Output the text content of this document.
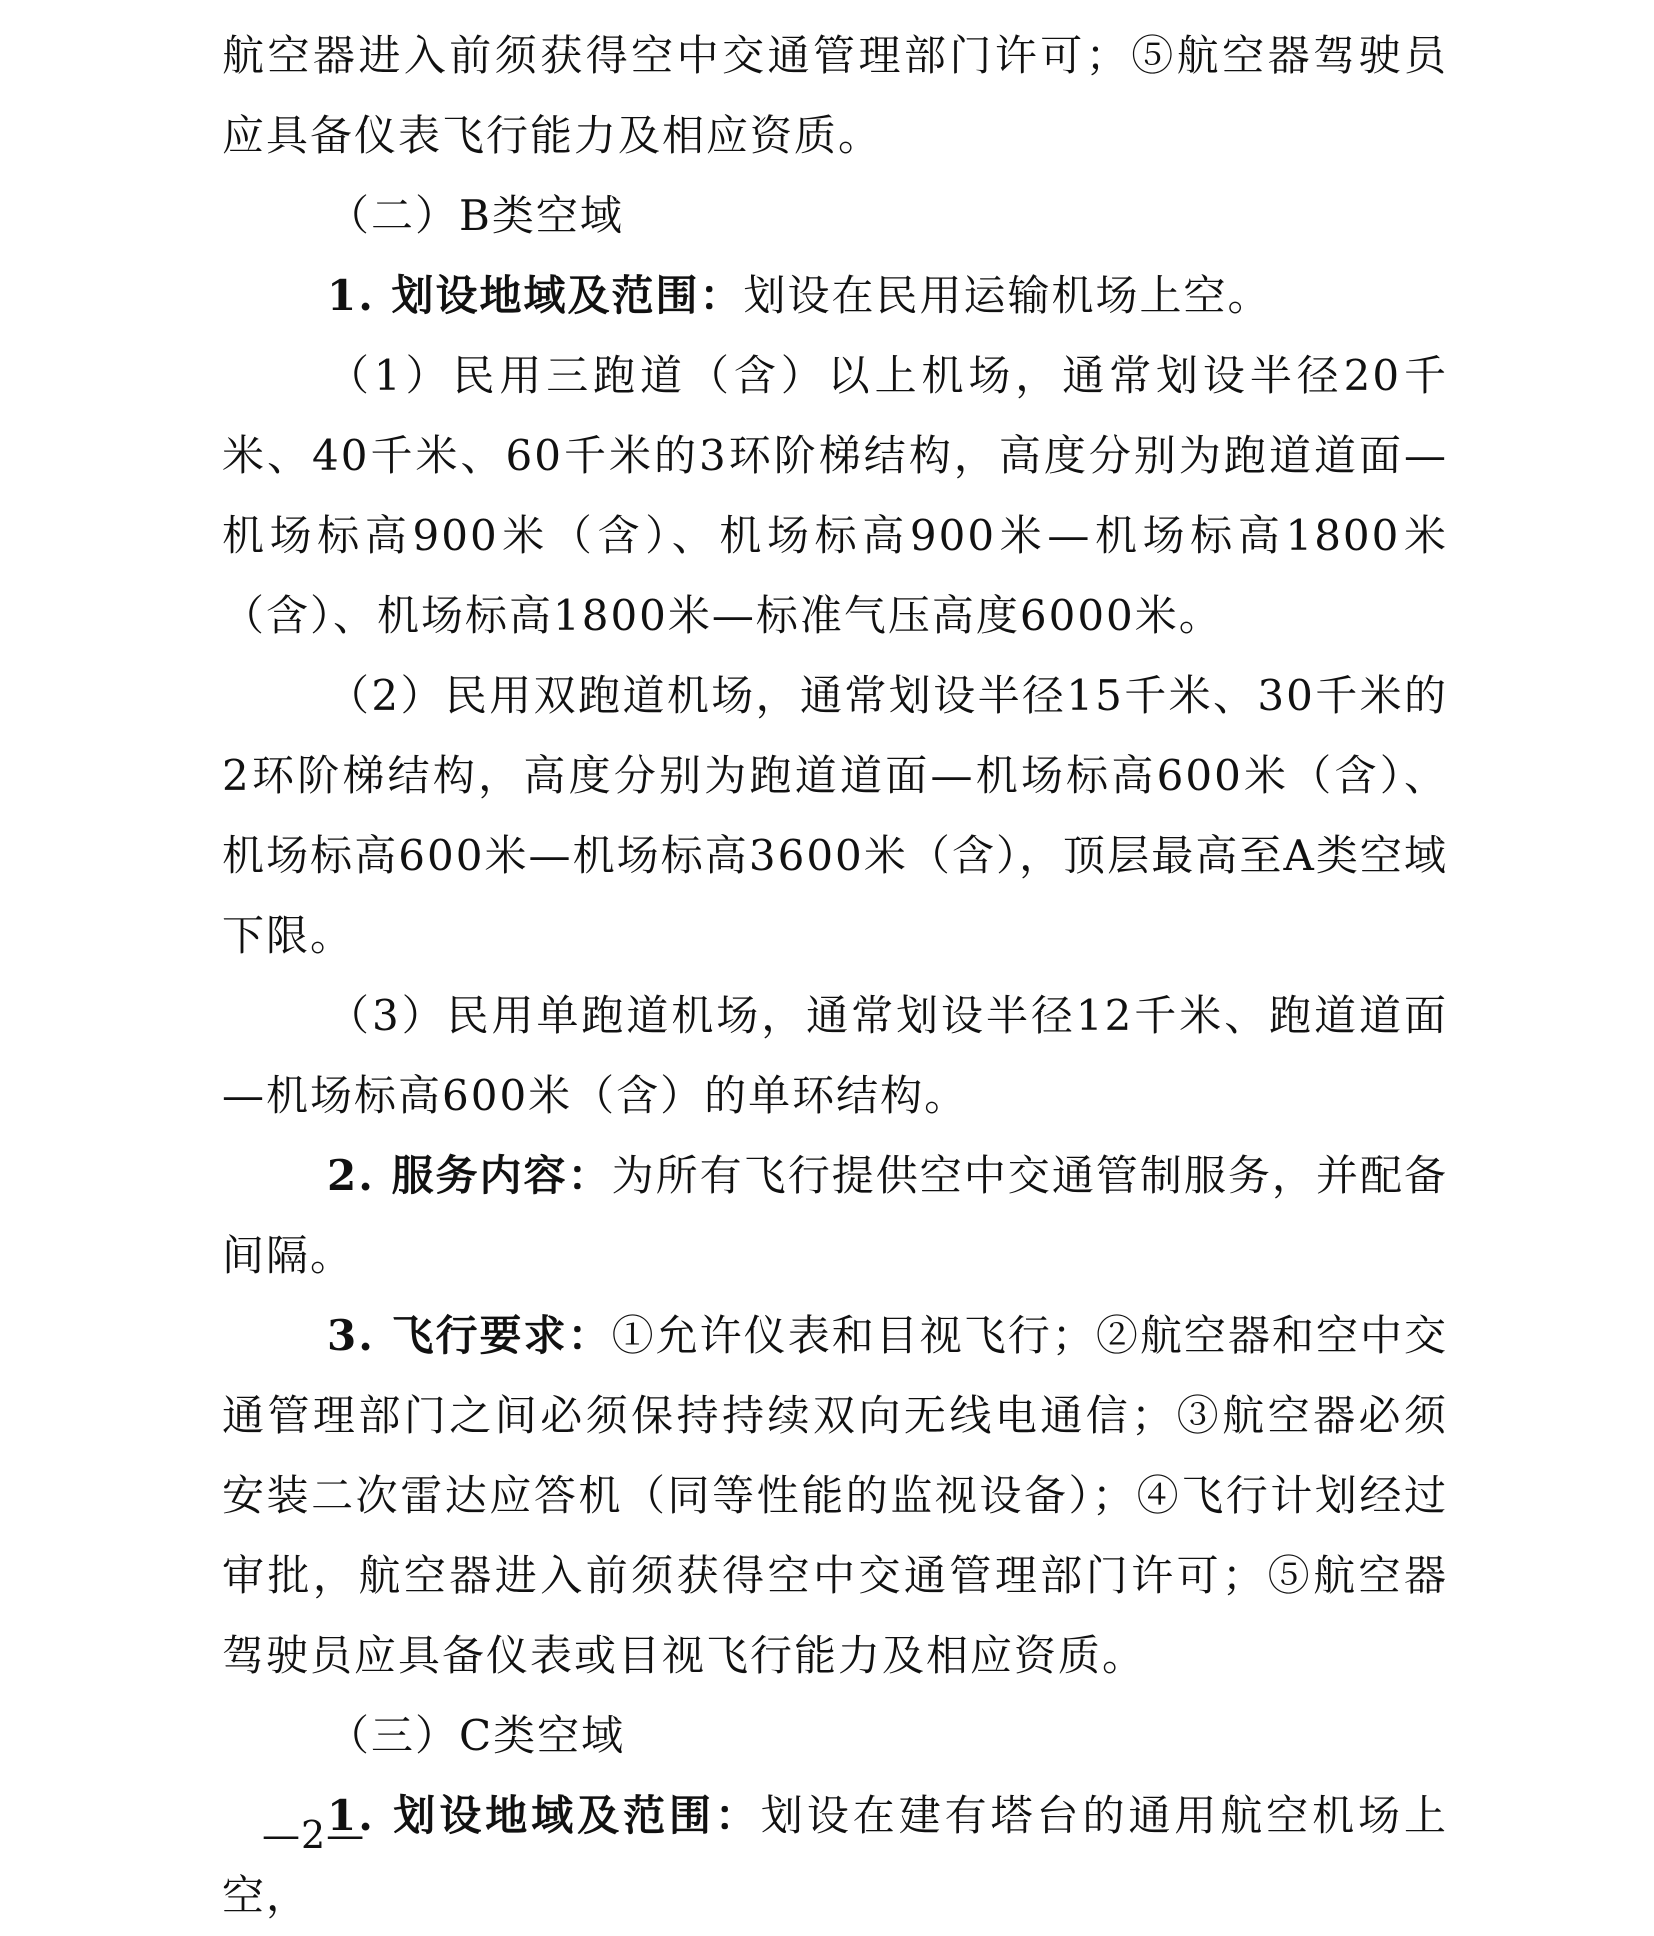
航空器进入前须获得空中交通管理部门许可；⑤航空器驾驶员应具备仪表飞行能力及相应资质。

（二）B类空域

1. 划设地域及范围：划设在民用运输机场上空。

（1）民用三跑道（含）以上机场，通常划设半径20千米、40千米、60千米的3环阶梯结构，高度分别为跑道道面—机场标高900米（含）、机场标高900米—机场标高1800米（含）、机场标高1800米—标准气压高度6000米。

（2）民用双跑道机场，通常划设半径15千米、30千米的2环阶梯结构，高度分别为跑道道面—机场标高600米（含）、机场标高600米—机场标高3600米（含），顶层最高至A类空域下限。

（3）民用单跑道机场，通常划设半径12千米、跑道道面—机场标高600米（含）的单环结构。

2. 服务内容：为所有飞行提供空中交通管制服务，并配备间隔。

3. 飞行要求：①允许仪表和目视飞行；②航空器和空中交通管理部门之间必须保持持续双向无线电通信；③航空器必须安装二次雷达应答机（同等性能的监视设备）；④飞行计划经过审批，航空器进入前须获得空中交通管理部门许可；⑤航空器驾驶员应具备仪表或目视飞行能力及相应资质。

（三）C类空域

1. 划设地域及范围：划设在建有塔台的通用航空机场上空，

—2—
